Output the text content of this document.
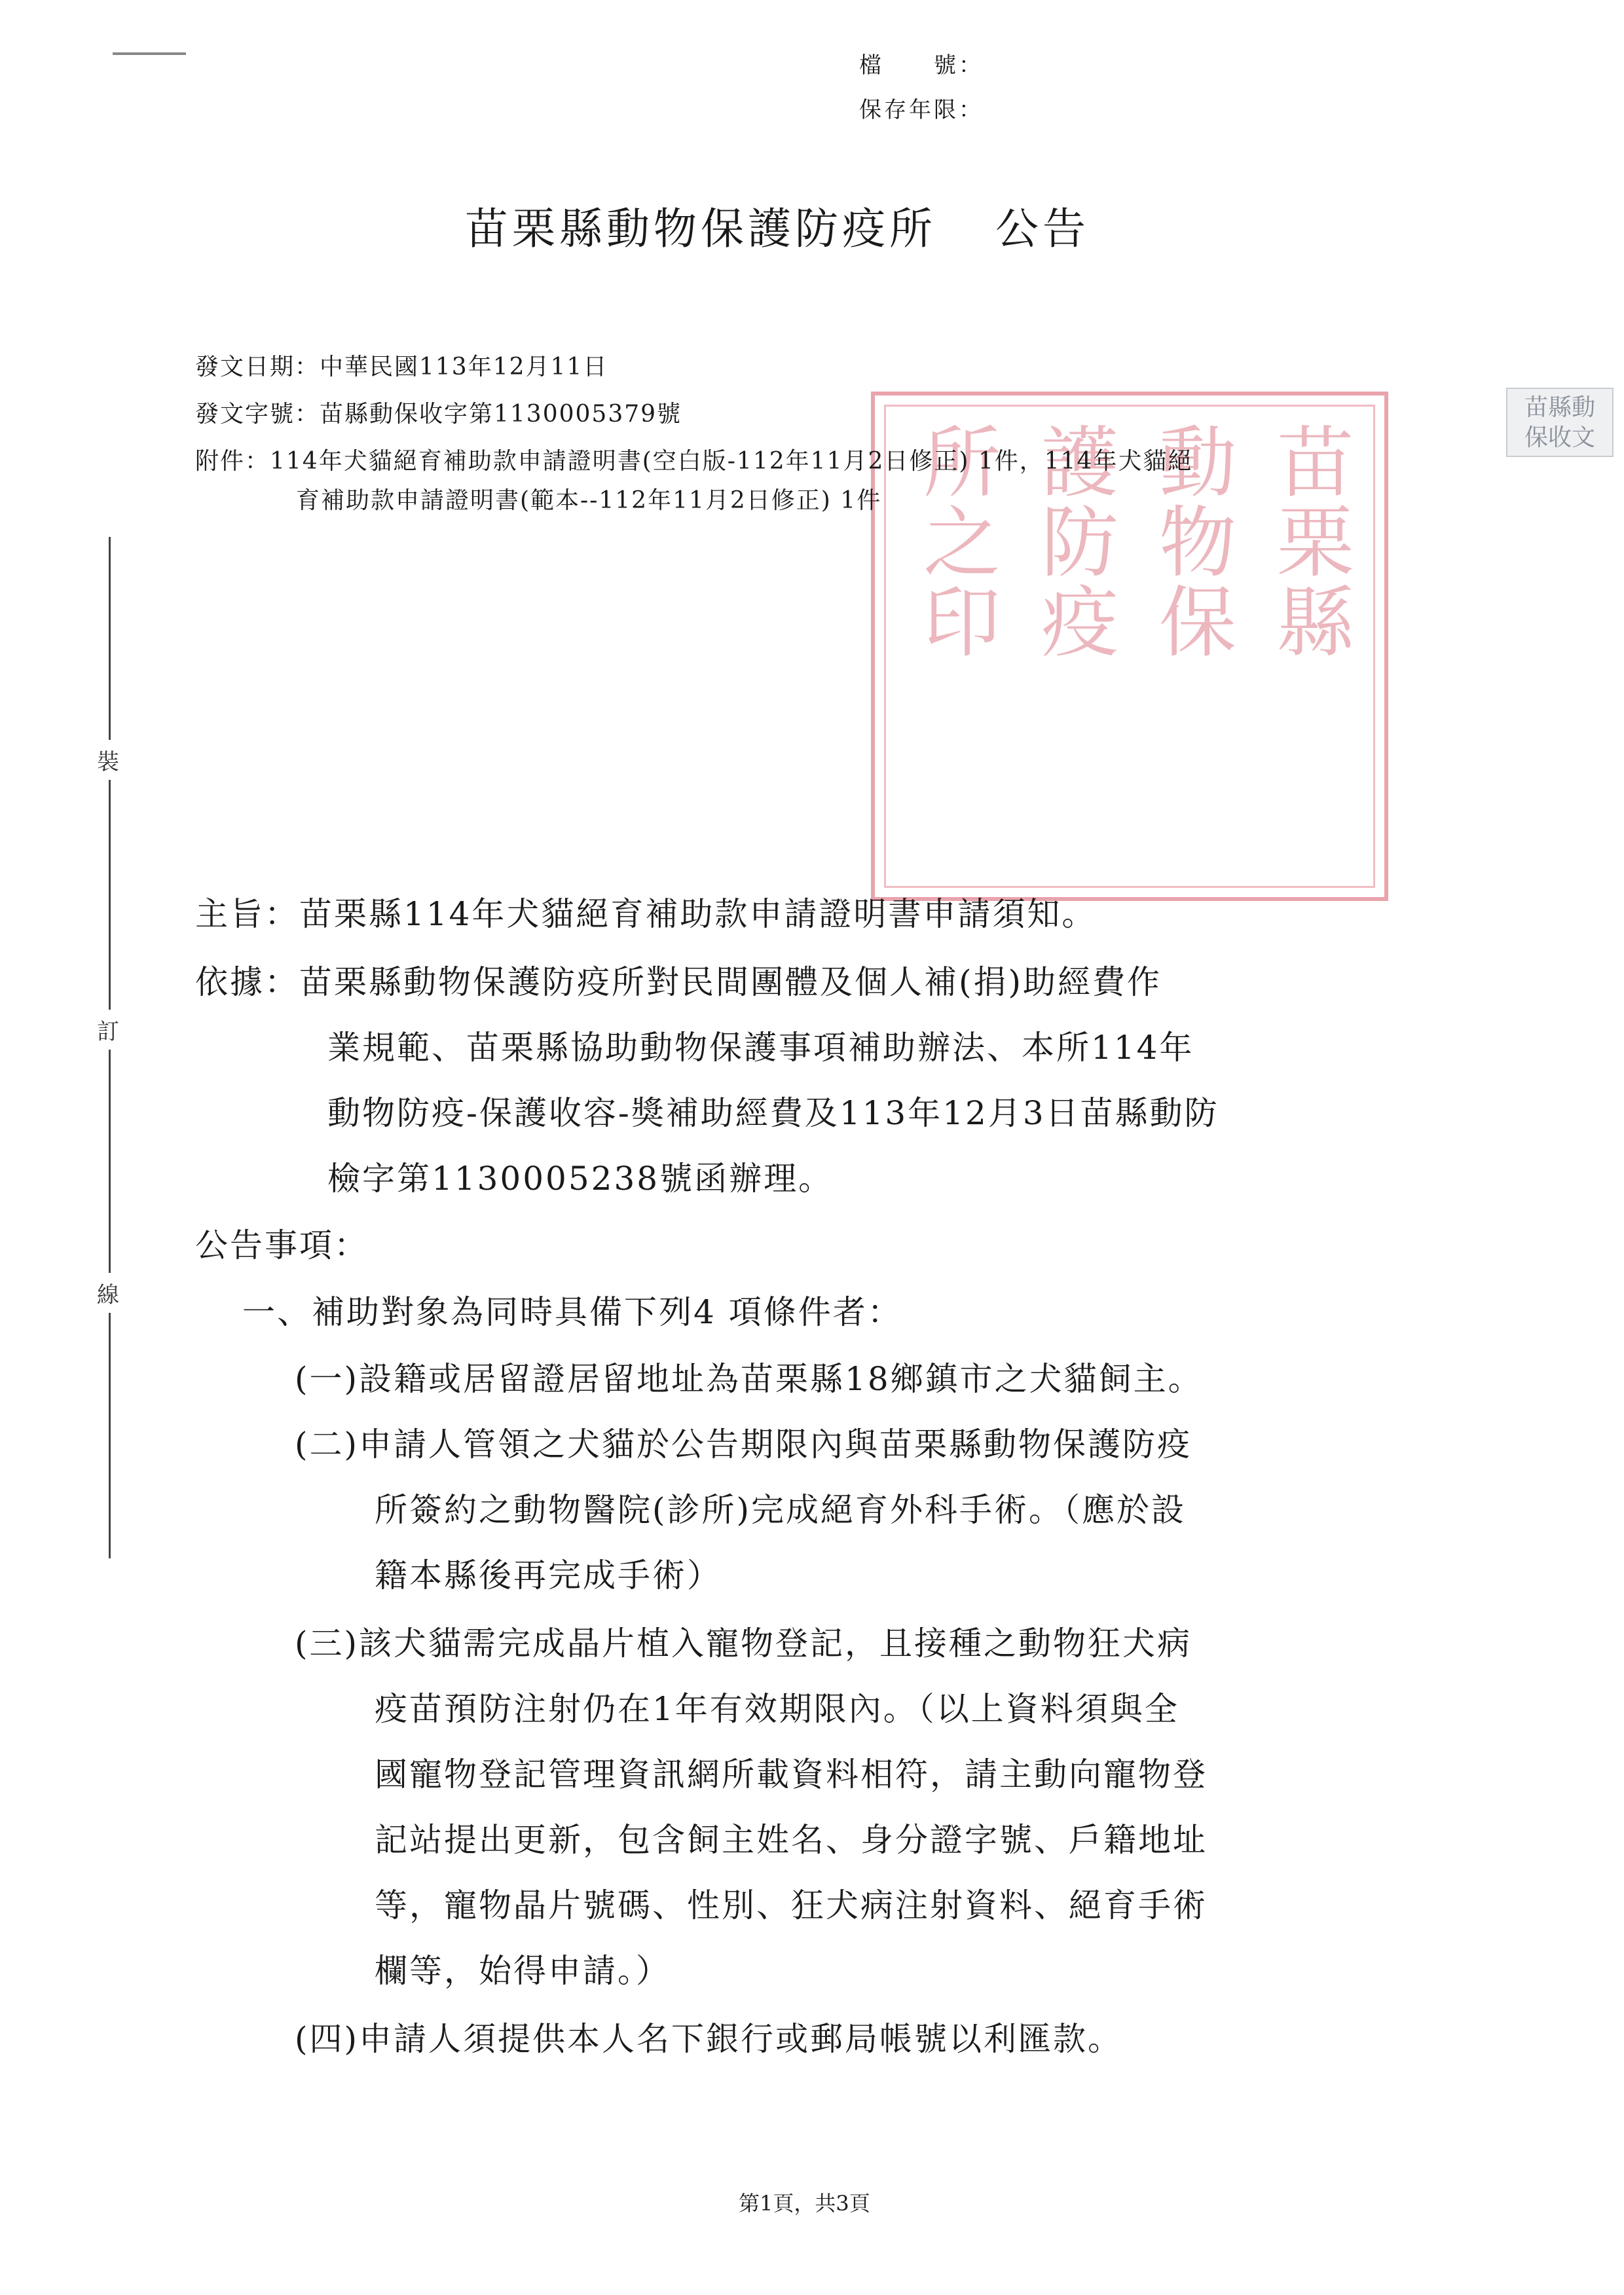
檔　　號：
保存年限：
苗栗縣動物保護防疫所 公告
苗栗縣
動物保
護防疫
所之印
苗縣動
保收文
發文日期：中華民國113年12月11日
發文字號：苗縣動保收字第1130005379號
附件：114年犬貓絕育補助款申請證明書(空白版-112年11月2日修正) 1件，114年犬貓絕
育補助款申請證明書(範本--112年11月2日修正) 1件
裝
訂
線
主旨：苗栗縣114年犬貓絕育補助款申請證明書申請須知。
依據：苗栗縣動物保護防疫所對民間團體及個人補(捐)助經費作
業規範、苗栗縣協助動物保護事項補助辦法、本所114年
動物防疫-保護收容-獎補助經費及113年12月3日苗縣動防
檢字第1130005238號函辦理。
公告事項：
一、補助對象為同時具備下列4 項條件者：
(一)設籍或居留證居留地址為苗栗縣18鄉鎮市之犬貓飼主。
(二)申請人管領之犬貓於公告期限內與苗栗縣動物保護防疫
所簽約之動物醫院(診所)完成絕育外科手術。（應於設
籍本縣後再完成手術）
(三)該犬貓需完成晶片植入寵物登記，且接種之動物狂犬病
疫苗預防注射仍在1年有效期限內。（以上資料須與全
國寵物登記管理資訊網所載資料相符，請主動向寵物登
記站提出更新，包含飼主姓名、身分證字號、戶籍地址
等，寵物晶片號碼、性別、狂犬病注射資料、絕育手術
欄等，始得申請。）
(四)申請人須提供本人名下銀行或郵局帳號以利匯款。
第1頁，共3頁
